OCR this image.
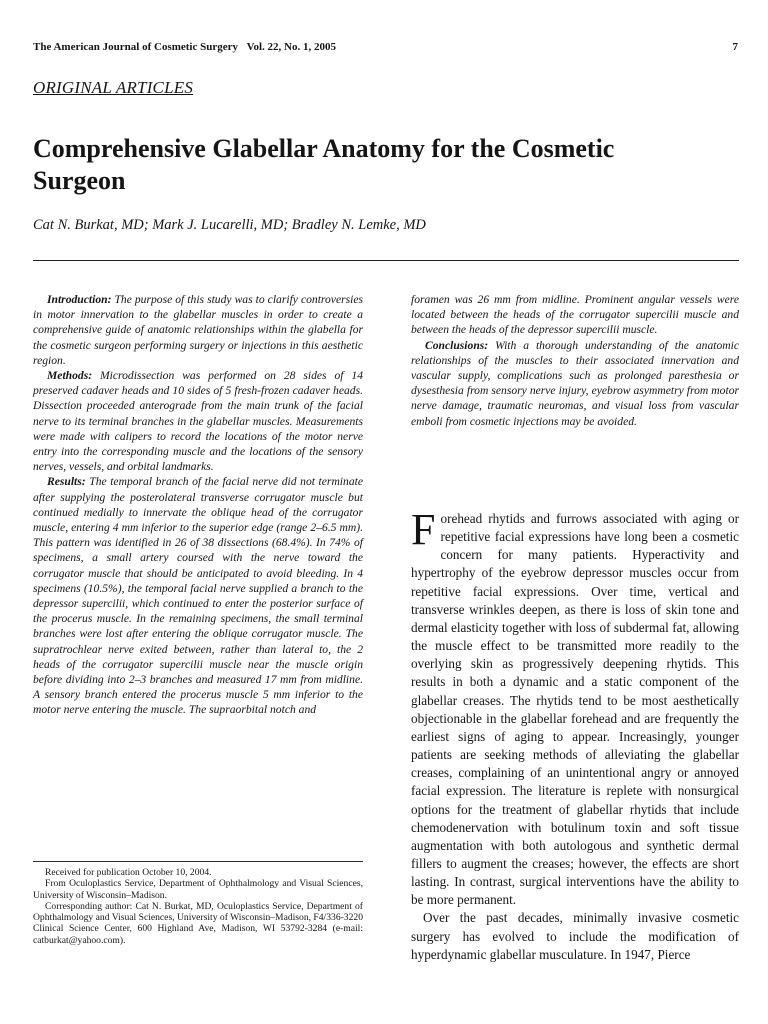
The American Journal of Cosmetic Surgery Vol. 22, No. 1, 2005	7
ORIGINAL ARTICLES
Comprehensive Glabellar Anatomy for the Cosmetic Surgeon
Cat N. Burkat, MD; Mark J. Lucarelli, MD; Bradley N. Lemke, MD

Introduction: The purpose of this study was to clarify controversies in motor innervation to the glabellar muscles in order to create a comprehensive guide of anatomic relationships within the glabella for the cosmetic surgeon performing surgery or injections in this aesthetic region.

Methods: Microdissection was performed on 28 sides of 14 preserved cadaver heads and 10 sides of 5 fresh-frozen cadaver heads. Dissection proceeded anterograde from the main trunk of the facial nerve to its terminal branches in the glabellar muscles. Measurements were made with calipers to record the locations of the motor nerve entry into the corresponding muscle and the locations of the sensory nerves, vessels, and orbital landmarks.

Results: The temporal branch of the facial nerve did not terminate after supplying the posterolateral transverse corrugator muscle but continued medially to innervate the oblique head of the corrugator muscle, entering 4 mm inferior to the superior edge (range 2–6.5 mm). This pattern was identified in 26 of 38 dissections (68.4%). In 74% of specimens, a small artery coursed with the nerve toward the corrugator muscle that should be anticipated to avoid bleeding. In 4 specimens (10.5%), the temporal facial nerve supplied a branch to the depressor supercilii, which continued to enter the posterior surface of the procerus muscle. In the remaining specimens, the small terminal branches were lost after entering the oblique corrugator muscle. The supratrochlear nerve exited between, rather than lateral to, the 2 heads of the corrugator supercilii muscle near the muscle origin before dividing into 2–3 branches and measured 17 mm from midline. A sensory branch entered the procerus muscle 5 mm inferior to the motor nerve entering the muscle. The supraorbital notch and

foramen was 26 mm from midline. Prominent angular vessels were located between the heads of the corrugator supercilii muscle and between the heads of the depressor supercilii muscle.

Conclusions: With a thorough understanding of the anatomic relationships of the muscles to their associated innervation and vascular supply, complications such as prolonged paresthesia or dysesthesia from sensory nerve injury, eyebrow asymmetry from motor nerve damage, traumatic neuromas, and visual loss from vascular emboli from cosmetic injections may be avoided.

Received for publication October 10, 2004.

From Oculoplastics Service, Department of Ophthalmology and Visual Sciences, University of Wisconsin–Madison.

Corresponding author: Cat N. Burkat, MD, Oculoplastics Service, Department of Ophthalmology and Visual Sciences, University of Wisconsin–Madison, F4/336-3220 Clinical Science Center, 600 Highland Ave, Madison, WI 53792-3284 (e-mail: catburkat@yahoo.com).

Forehead rhytids and furrows associated with aging or repetitive facial expressions have long been a cosmetic concern for many patients. Hyperactivity and hypertrophy of the eyebrow depressor muscles occur from repetitive facial expressions. Over time, vertical and transverse wrinkles deepen, as there is loss of skin tone and dermal elasticity together with loss of subdermal fat, allowing the muscle effect to be transmitted more readily to the overlying skin as progressively deepening rhytids. This results in both a dynamic and a static component of the glabellar creases. The rhytids tend to be most aesthetically objectionable in the glabellar forehead and are frequently the earliest signs of aging to appear. Increasingly, younger patients are seeking methods of alleviating the glabellar creases, complaining of an unintentional angry or annoyed facial expression. The literature is replete with nonsurgical options for the treatment of glabellar rhytids that include chemodenervation with botulinum toxin and soft tissue augmentation with both autologous and synthetic dermal fillers to augment the creases; however, the effects are short lasting. In contrast, surgical interventions have the ability to be more permanent.

Over the past decades, minimally invasive cosmetic surgery has evolved to include the modification of hyperdynamic glabellar musculature. In 1947, Pierce
